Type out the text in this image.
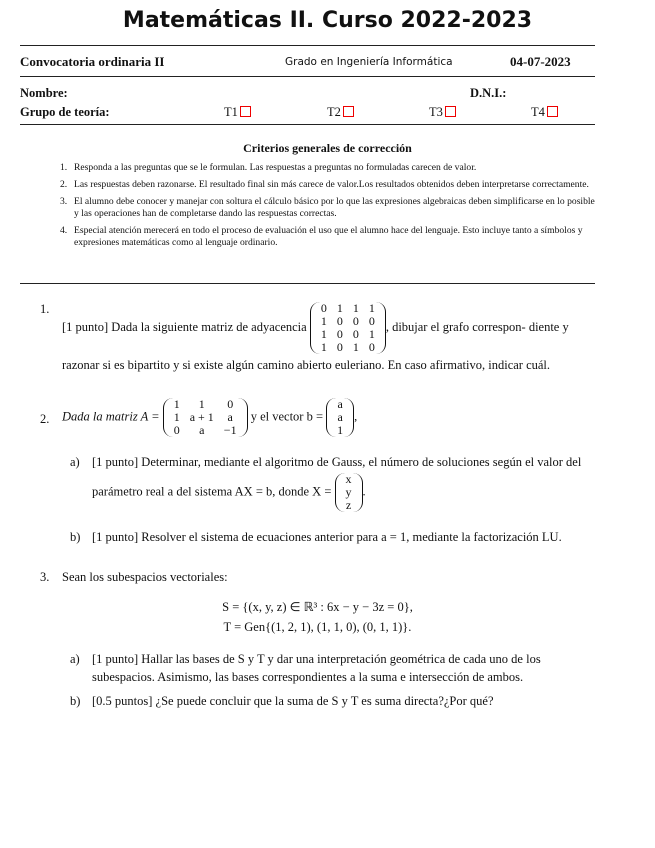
Matemáticas II. Curso 2022-2023
Convocatoria ordinaria II	Grado en Ingeniería Informática	04-07-2023
Nombre:	D.N.I.:
Grupo de teoría:	T1	T2	T3	T4
Criterios generales de corrección
1. Responda a las preguntas que se le formulan. Las respuestas a preguntas no formuladas carecen de valor.
2. Las respuestas deben razonarse. El resultado final sin más carece de valor.Los resultados obtenidos deben interpretarse correctamente.
3. El alumno debe conocer y manejar con soltura el cálculo básico por lo que las expresiones algebraicas deben simplificarse en lo posible y las operaciones han de completarse dando las respuestas correctas.
4. Especial atención merecerá en todo el proceso de evaluación el uso que el alumno hace del lenguaje. Esto incluye tanto a símbolos y expresiones matemáticas como al lenguaje ordinario.
1.
[1 punto] Dada la siguiente matriz de adyacencia
0	1	1	1
1	0	0	0
1	0	0	1
1	0	1	0
, dibujar el grafo correspon- diente y razonar si es bipartito y si existe algún camino abierto euleriano. En caso afirmativo, indicar cuál.
2.	Dada la matriz A =
1	1	0
1	a + 1	a
0	a	−1
y el vector b =
a
a
1
,
a) [1 punto] Determinar, mediante el algoritmo de Gauss, el número de soluciones según el valor del parámetro real a del sistema AX = b, donde X =
x
y
z
.
b) [1 punto] Resolver el sistema de ecuaciones anterior para a = 1, mediante la factorización LU.
3.	Sean los subespacios vectoriales:
S = {(x, y, z) ∈ ℝ³ : 6x − y − 3z = 0},
T = Gen{(1, 2, 1), (1, 1, 0), (0, 1, 1)}.
a) [1 punto] Hallar las bases de S y T y dar una interpretación geométrica de cada uno de los subespacios. Asimismo, las bases correspondientes a la suma e intersección de ambos.
b) [0.5 puntos] ¿Se puede concluir que la suma de S y T es suma directa?¿Por qué?
